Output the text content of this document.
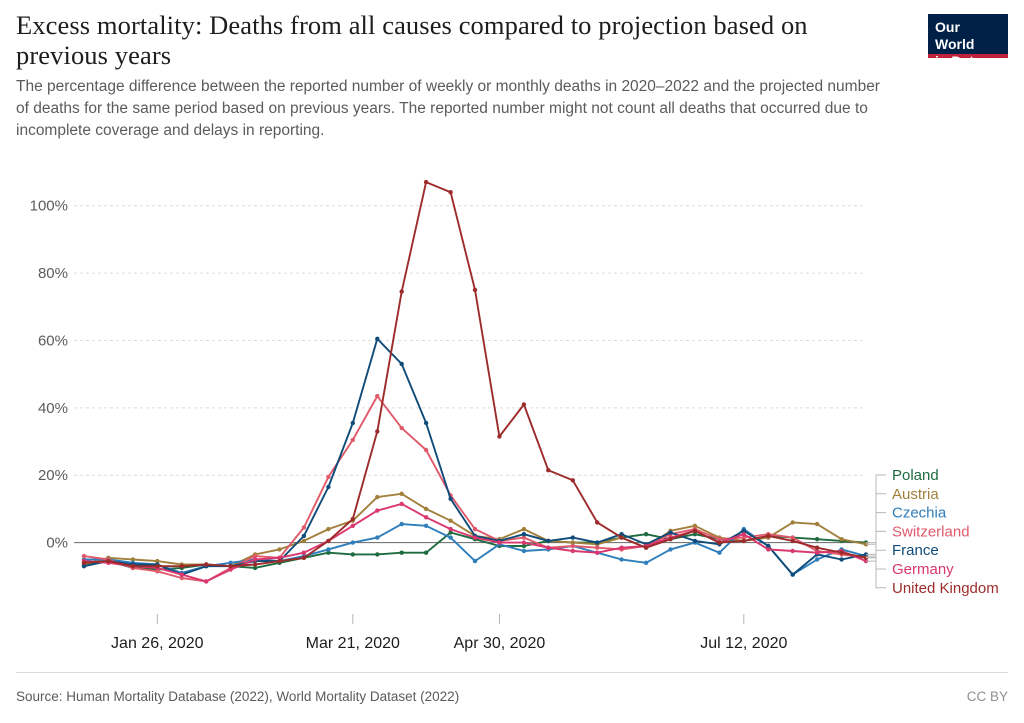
Excess mortality: Deaths from all causes compared to projection based on previous years

The percentage difference between the reported number of weekly or monthly deaths in 2020–2022 and the projected number of deaths for the same period based on previous years. The reported number might not count all deaths that occurred due to incomplete coverage and delays in reporting.

Our World
in Data
0%
20%
40%
60%
80%
100%
Jan 26, 2020	Mar 21, 2020	Apr 30, 2020	Jul 12, 2020
Poland
Austria
Czechia
Switzerland
France
Germany
United Kingdom
Source: Human Mortality Database (2022), World Mortality Dataset (2022)	CC BY
